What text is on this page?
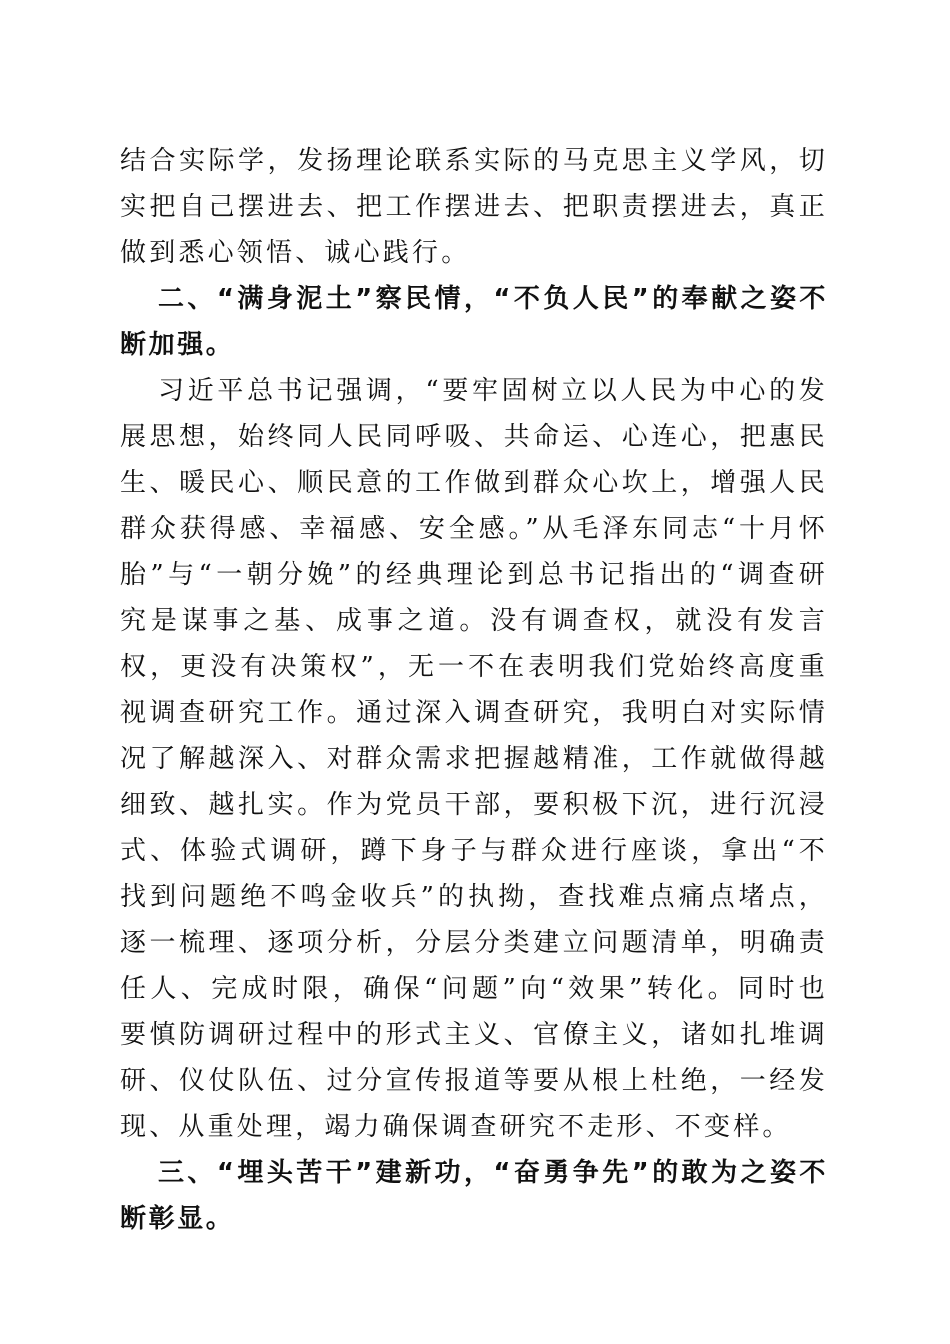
结合实际学，发扬理论联系实际的马克思主义学风，切实把自己摆进去、把工作摆进去、把职责摆进去，真正做到悉心领悟、诚心践行。

二、“满身泥土”察民情，“不负人民”的奉献之姿不断加强。

习近平总书记强调，“要牢固树立以人民为中心的发展思想，始终同人民同呼吸、共命运、心连心，把惠民生、暖民心、顺民意的工作做到群众心坎上，增强人民群众获得感、幸福感、安全感。”从毛泽东同志“十月怀胎”与“一朝分娩”的经典理论到总书记指出的“调查研究是谋事之基、成事之道。没有调查权，就没有发言权，更没有决策权”，无一不在表明我们党始终高度重视调查研究工作。通过深入调查研究，我明白对实际情况了解越深入、对群众需求把握越精准，工作就做得越细致、越扎实。作为党员干部，要积极下沉，进行沉浸式、体验式调研，蹲下身子与群众进行座谈，拿出“不找到问题绝不鸣金收兵”的执拗，查找难点痛点堵点，逐一梳理、逐项分析，分层分类建立问题清单，明确责任人、完成时限，确保“问题”向“效果”转化。同时也要慎防调研过程中的形式主义、官僚主义，诸如扎堆调研、仪仗队伍、过分宣传报道等要从根上杜绝，一经发现、从重处理，竭力确保调查研究不走形、不变样。

三、“埋头苦干”建新功，“奋勇争先”的敢为之姿不断彰显。
